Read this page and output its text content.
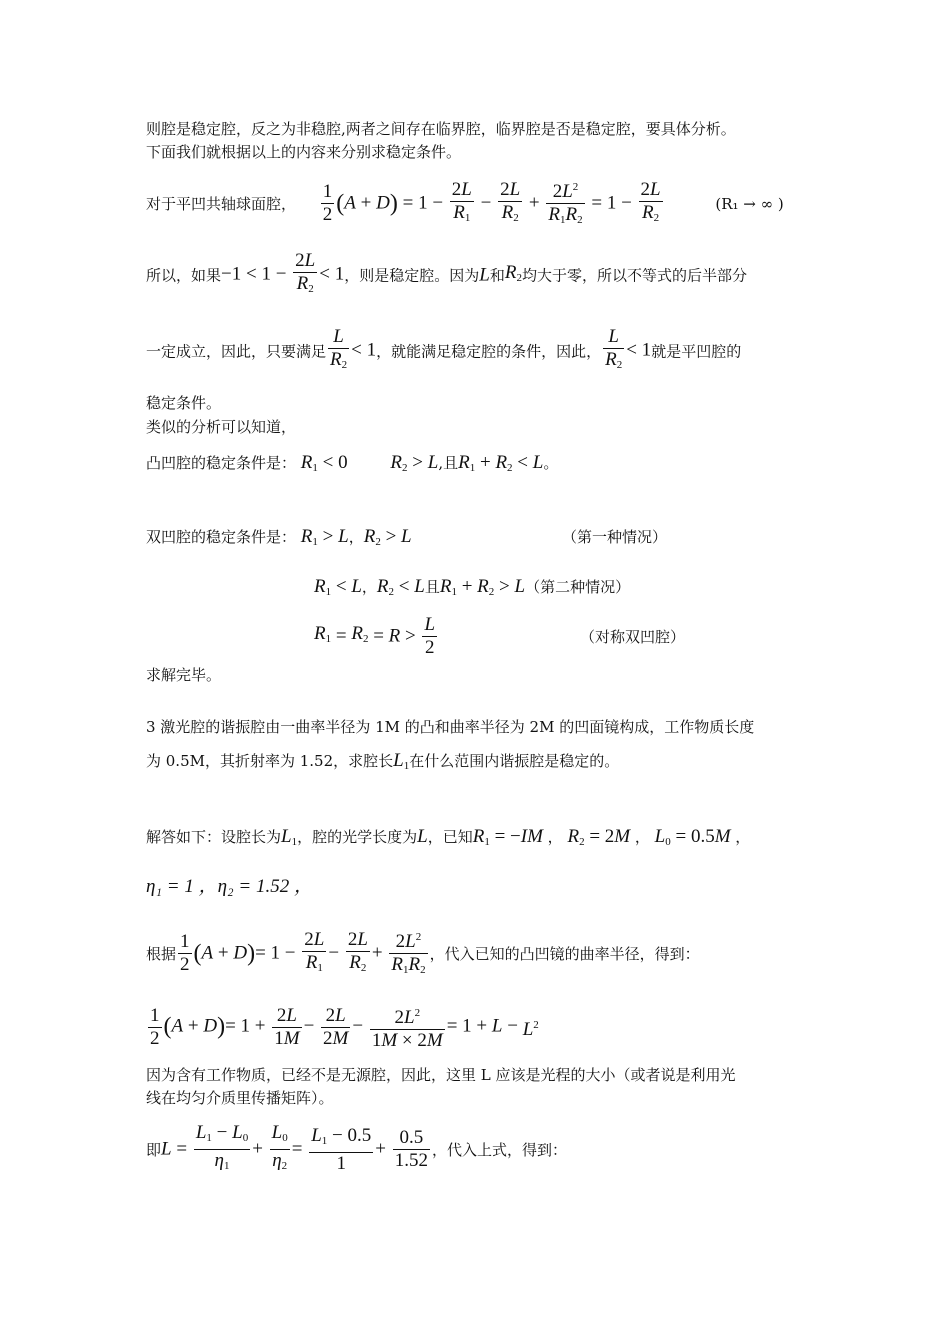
则腔是稳定腔，反之为非稳腔,两者之间存在临界腔，临界腔是否是稳定腔，要具体分析。
下面我们就根据以上的内容来分别求稳定条件。
对于平凹共轴球面腔， $\frac{1}{2} (A + D) = 1 - \frac{2L}{R_1} - \frac{2L}{R_2} + \frac{2L^2}{R_1R_2} = 1 - \frac{2L}{R_2}$	(R₁ → ∞ )
所以，如果$-1 < 1 - \frac{2L}{R_2} < 1$，则是稳定腔。因为L和$R_2$均大于零，所以不等式的后半部分
一定成立，因此，只要满足 $\frac{L}{R_2} < 1$，就能满足稳定腔的条件，因此， $\frac{L}{R_2} < 1$就是平凹腔的
稳定条件。
类似的分析可以知道，
凸凹腔的稳定条件是： $R_1 < 0$ $R_2 > L$,且$R_1 + R_2 < L$。
双凹腔的稳定条件是： $R_1 > L$，$R_2 > L$	（第一种情况）
$R_1 < L$，$R_2 < L$且$R_1 + R_2 > L$（第二种情况）
$R_1 = R_2 = R > \frac{L}{2}$	（对称双凹腔）
求解完毕。
3 激光腔的谐振腔由一曲率半径为 1M 的凸和曲率半径为 2M 的凹面镜构成，工作物质长度
为 0.5M，其折射率为 1.52，求腔长$L_1$在什么范围内谐振腔是稳定的。
解答如下：设腔长为$L_1$，腔的光学长度为L，已知$R_1 = -IM$ ， $R_2 = 2M$ ， $L_0 = 0.5M$ ，
η₁ = 1 ，η₂ = 1.52 ，
根据 $\frac{1}{2} (A + D)= 1 - \frac{2L}{R_1} - \frac{2L}{R_2} + \frac{2L^2}{R_1R_2}$ ，代入已知的凸凹镜的曲率半径，得到：
$\frac{1}{2} (A + D)= 1 + \frac{2L}{1M} - \frac{2L}{2M} - \frac{2L^2}{1M \times 2M} = 1 + L - L^2$
因为含有工作物质，已经不是无源腔，因此，这里 L 应该是光程的大小（或者说是利用光
线在均匀介质里传播矩阵）。
即$L = \frac{L_1 - L_0}{\eta_1} + \frac{L_0}{\eta_2} = \frac{L_1 - 0.5}{1} + \frac{0.5}{1.52}$ ，代入上式，得到：
